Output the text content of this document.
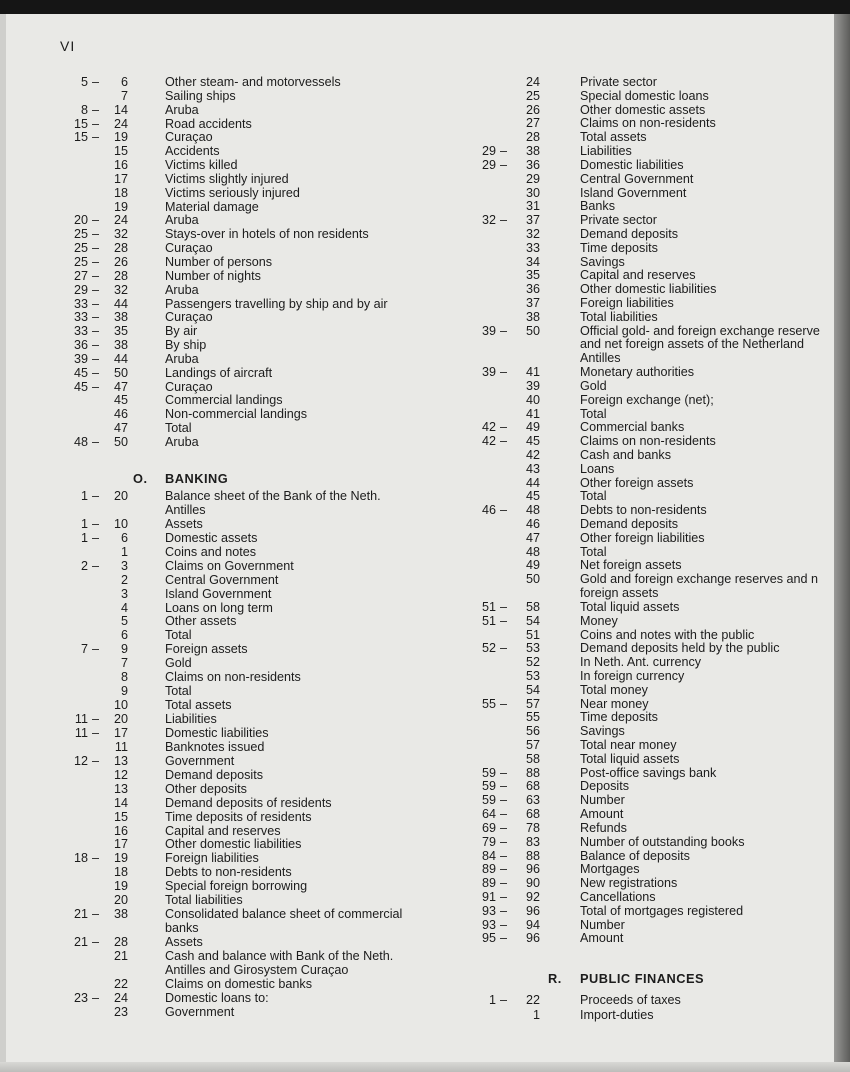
VI
5 –	6	Other steam- and motorvessels
7	Sailing ships
8 –	14	Aruba
15 –	24	Road accidents
15 –	19	Curaçao
15	Accidents
16	Victims killed
17	Victims slightly injured
18	Victims seriously injured
19	Material damage
20 –	24	Aruba
25 –	32	Stays-over in hotels of non residents
25 –	28	Curaçao
25 –	26	Number of persons
27 –	28	Number of nights
29 –	32	Aruba
33 –	44	Passengers travelling by ship and by air
33 –	38	Curaçao
33 –	35	By air
36 –	38	By ship
39 –	44	Aruba
45 –	50	Landings of aircraft
45 –	47	Curaçao
45	Commercial landings
46	Non-commercial landings
47	Total
48 –	50	Aruba
O. BANKING
1 –	20	Balance sheet of the Bank of the Neth.
Antilles
1 –	10	Assets
1 –	6	Domestic assets
1	Coins and notes
2 –	3	Claims on Government
2	Central Government
3	Island Government
4	Loans on long term
5	Other assets
6	Total
7 –	9	Foreign assets
7	Gold
8	Claims on non-residents
9	Total
10	Total assets
11 –	20	Liabilities
11 –	17	Domestic liabilities
11	Banknotes issued
12 –	13	Government
12	Demand deposits
13	Other deposits
14	Demand deposits of residents
15	Time deposits of residents
16	Capital and reserves
17	Other domestic liabilities
18 –	19	Foreign liabilities
18	Debts to non-residents
19	Special foreign borrowing
20	Total liabilities
21 –	38	Consolidated balance sheet of commercial
banks
21 –	28	Assets
21	Cash and balance with Bank of the Neth.
Antilles and Girosystem Curaçao
22	Claims on domestic banks
23 –	24	Domestic loans to:
23	Government
24	Private sector
25	Special domestic loans
26	Other domestic assets
27	Claims on non-residents
28	Total assets
29 –	38	Liabilities
29 –	36	Domestic liabilities
29	Central Government
30	Island Government
31	Banks
32 –	37	Private sector
32	Demand deposits
33	Time deposits
34	Savings
35	Capital and reserves
36	Other domestic liabilities
37	Foreign liabilities
38	Total liabilities
39 –	50	Official gold- and foreign exchange reserve
and net foreign assets of the Netherland
Antilles
39 –	41	Monetary authorities
39	Gold
40	Foreign exchange (net);
41	Total
42 –	49	Commercial banks
42 –	45	Claims on non-residents
42	Cash and banks
43	Loans
44	Other foreign assets
45	Total
46 –	48	Debts to non-residents
46	Demand deposits
47	Other foreign liabilities
48	Total
49	Net foreign assets
50	Gold and foreign exchange reserves and n
foreign assets
51 –	58	Total liquid assets
51 –	54	Money
51	Coins and notes with the public
52 –	53	Demand deposits held by the public
52	In Neth. Ant. currency
53	In foreign currency
54	Total money
55 –	57	Near money
55	Time deposits
56	Savings
57	Total near money
58	Total liquid assets
59 –	88	Post-office savings bank
59 –	68	Deposits
59 –	63	Number
64 –	68	Amount
69 –	78	Refunds
79 –	83	Number of outstanding books
84 –	88	Balance of deposits
89 –	96	Mortgages
89 –	90	New registrations
91 –	92	Cancellations
93 –	96	Total of mortgages registered
93 –	94	Number
95 –	96	Amount
R. PUBLIC FINANCES
1 –	22	Proceeds of taxes
1	Import-duties
